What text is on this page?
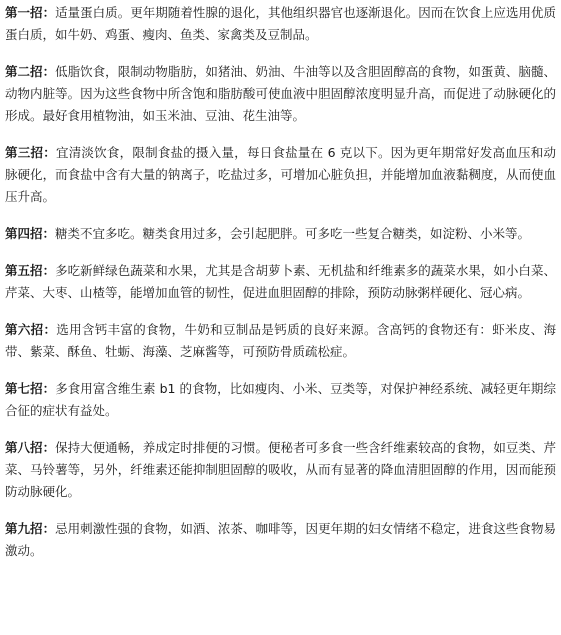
第一招：适量蛋白质。更年期随着性腺的退化，其他组织器官也逐渐退化。因而在饮食上应选用优质蛋白质，如牛奶、鸡蛋、瘦肉、鱼类、家禽类及豆制品。

第二招：低脂饮食，限制动物脂肪，如猪油、奶油、牛油等以及含胆固醇高的食物，如蛋黄、脑髓、动物内脏等。因为这些食物中所含饱和脂肪酸可使血液中胆固醇浓度明显升高，而促进了动脉硬化的形成。最好食用植物油，如玉米油、豆油、花生油等。

第三招：宜清淡饮食，限制食盐的摄入量，每日食盐量在 6 克以下。因为更年期常好发高血压和动脉硬化，而食盐中含有大量的钠离子，吃盐过多，可增加心脏负担，并能增加血液黏稠度，从而使血压升高。

第四招：糖类不宜多吃。糖类食用过多，会引起肥胖。可多吃一些复合糖类，如淀粉、小米等。

第五招：多吃新鲜绿色蔬菜和水果，尤其是含胡萝卜素、无机盐和纤维素多的蔬菜水果，如小白菜、芹菜、大枣、山楂等，能增加血管的韧性，促进血胆固醇的排除，预防动脉粥样硬化、冠心病。

第六招：选用含钙丰富的食物，牛奶和豆制品是钙质的良好来源。含高钙的食物还有：虾米皮、海带、紫菜、酥鱼、牡蛎、海藻、芝麻酱等，可预防骨质疏松症。

第七招：多食用富含维生素 b1 的食物，比如瘦肉、小米、豆类等，对保护神经系统、减轻更年期综合征的症状有益处。

第八招：保持大便通畅，养成定时排便的习惯。便秘者可多食一些含纤维素较高的食物，如豆类、芹菜、马铃薯等，另外，纤维素还能抑制胆固醇的吸收，从而有显著的降血清胆固醇的作用，因而能预防动脉硬化。

第九招：忌用刺激性强的食物，如酒、浓茶、咖啡等，因更年期的妇女情绪不稳定，进食这些食物易激动。
